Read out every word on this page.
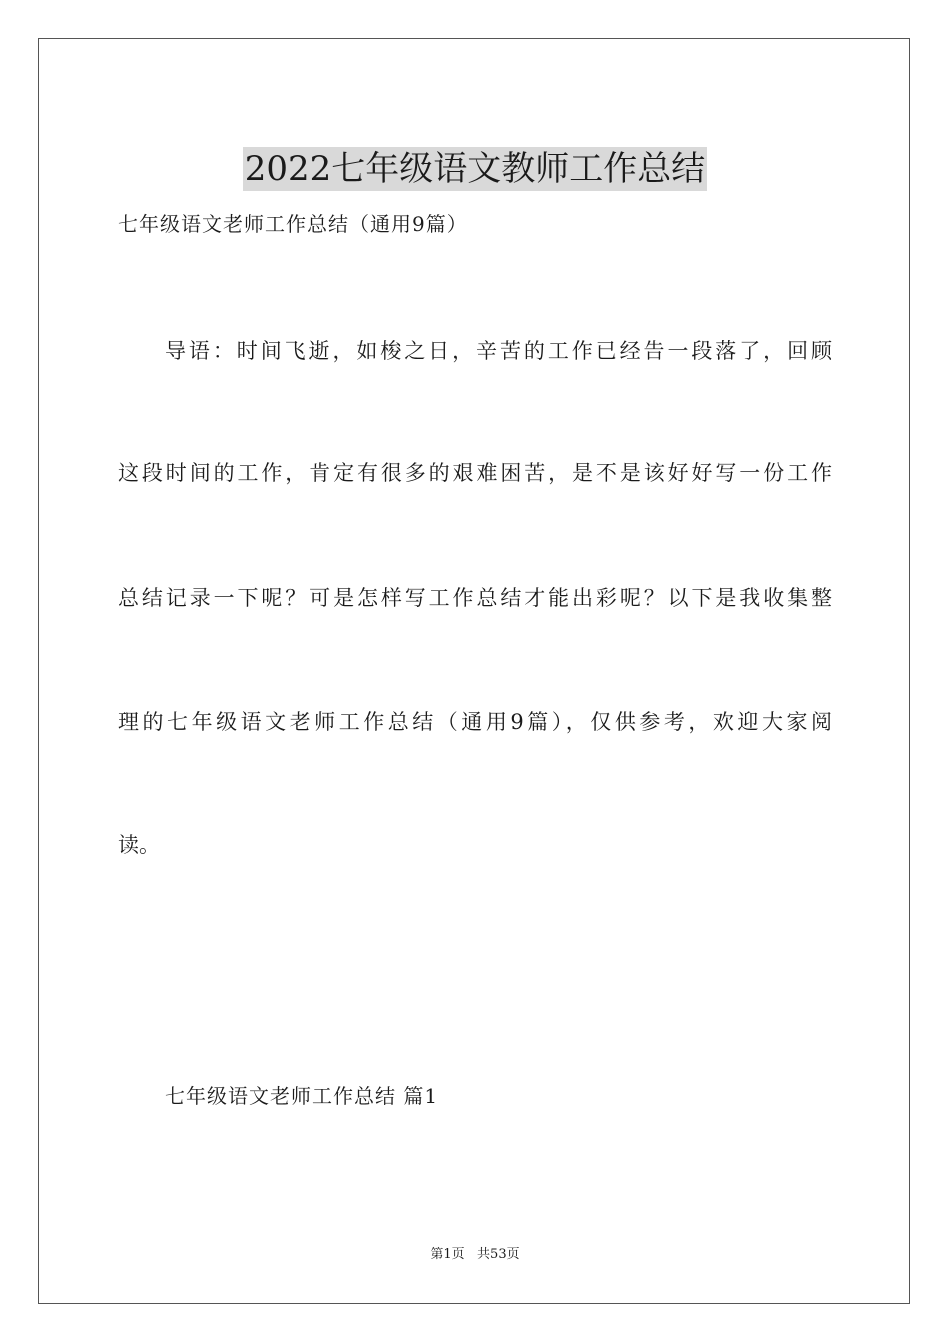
2022七年级语文教师工作总结
七年级语文老师工作总结（通用9篇）
导语：时间飞逝，如梭之日，辛苦的工作已经告一段落了，回顾
这段时间的工作，肯定有很多的艰难困苦，是不是该好好写一份工作
总结记录一下呢？可是怎样写工作总结才能出彩呢？以下是我收集整
理的七年级语文老师工作总结（通用9篇），仅供参考，欢迎大家阅
读。
七年级语文老师工作总结 篇1
第1页   共53页
